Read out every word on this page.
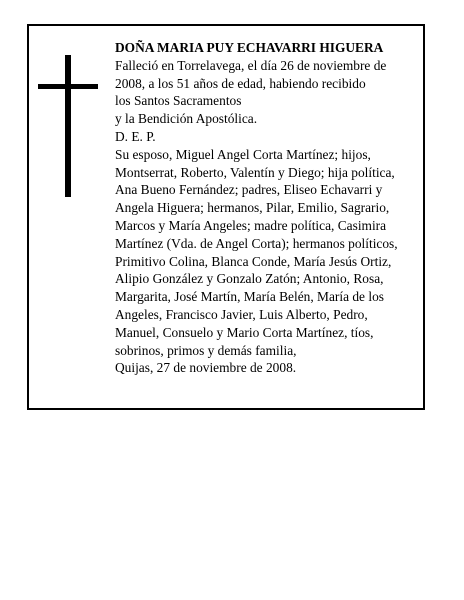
DOÑA MARIA PUY ECHAVARRI HIGUERA
Falleció en Torrelavega, el día 26 de noviembre de
2008, a los 51 años de edad, habiendo recibido
los Santos Sacramentos
y la Bendición Apostólica.
D. E. P.
Su esposo, Miguel Angel Corta Martínez; hijos,
Montserrat, Roberto, Valentín y Diego; hija política,
Ana Bueno Fernández; padres, Eliseo Echavarri y
Angela Higuera; hermanos, Pilar, Emilio, Sagrario,
Marcos y María Angeles; madre política, Casimira
Martínez (Vda. de Angel Corta); hermanos políticos,
Primitivo Colina, Blanca Conde, María Jesús Ortiz,
Alipio González y Gonzalo Zatón; Antonio, Rosa,
Margarita, José Martín, María Belén, María de los
Angeles, Francisco Javier, Luis Alberto, Pedro,
Manuel, Consuelo y Mario Corta Martínez, tíos,
sobrinos, primos y demás familia,
Quijas, 27 de noviembre de 2008.
